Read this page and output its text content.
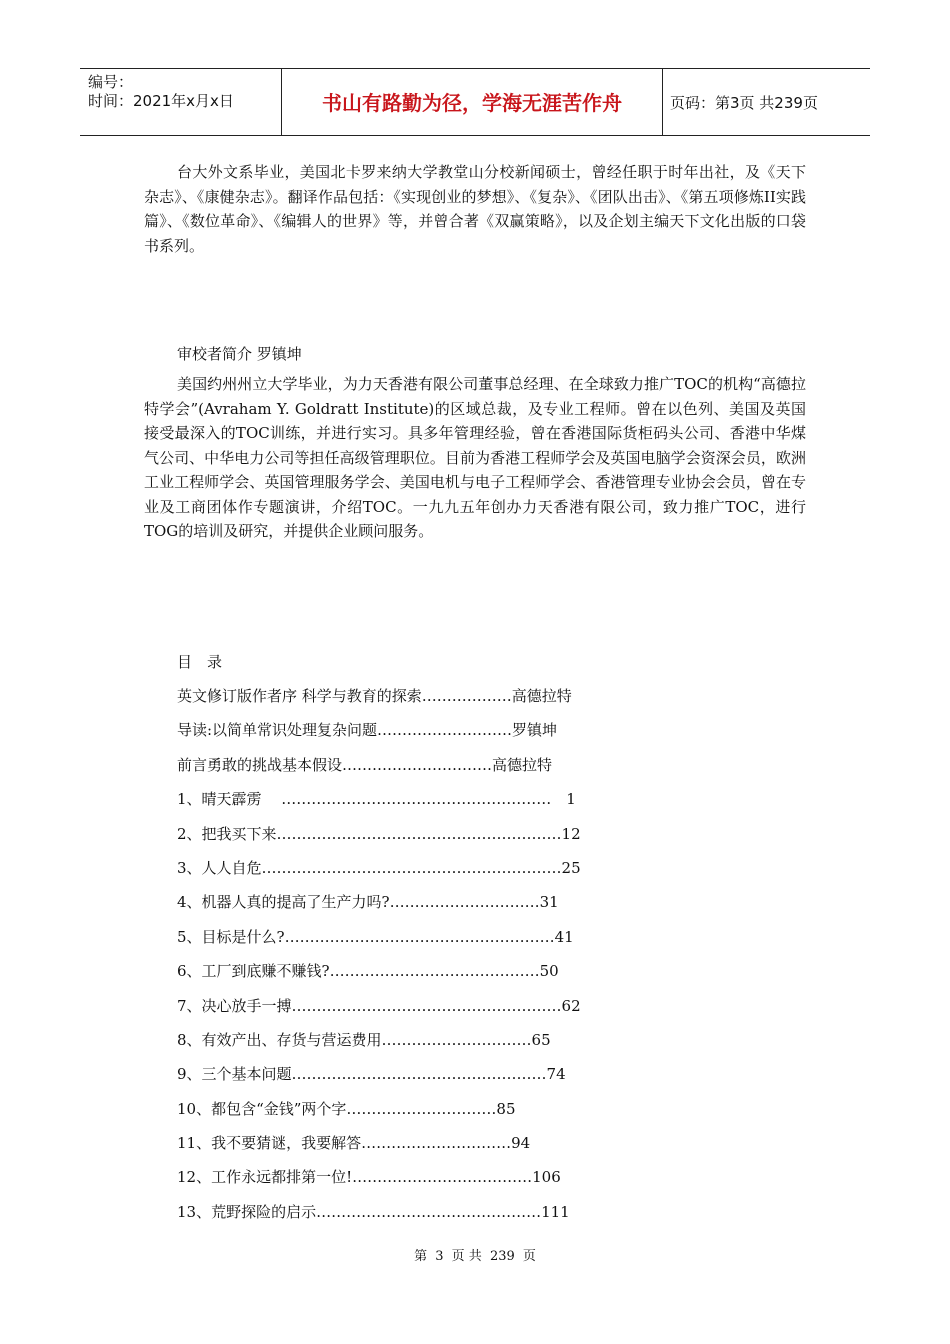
编号：
时间：2021年x月x日	书山有路勤为径，学海无涯苦作舟	页码：第3页 共239页

台大外文系毕业，美国北卡罗来纳大学教堂山分校新闻硕士，曾经任职于时年出社，及《天下杂志》、《康健杂志》。翻译作品包括：《实现创业的梦想》、《复杂》、《团队出击》、《第五项修炼II实践篇》、《数位革命》、《编辑人的世界》等，并曾合著《双赢策略》，以及企划主编天下文化出版的口袋书系列。

审校者简介 罗镇坤

美国约州州立大学毕业，为力天香港有限公司董事总经理、在全球致力推广TOC的机构“高德拉特学会”(Avraham Y. Goldratt Institute)的区域总裁，及专业工程师。曾在以色列、美国及英国接受最深入的TOC训练，并进行实习。具多年管理经验，曾在香港国际货柜码头公司、香港中华煤气公司、中华电力公司等担任高级管理职位。目前为香港工程师学会及英国电脑学会资深会员，欧洲工业工程师学会、英国管理服务学会、美国电机与电子工程师学会、香港管理专业协会会员，曾在专业及工商团体作专题演讲，介绍TOC。一九九五年创办力天香港有限公司，致力推广TOC，进行TOG的培训及研究，并提供企业顾问服务。

目　录

英文修订版作者序 科学与教育的探索………………高德拉特
导读:以简单常识处理复杂问题………………………罗镇坤
前言勇敢的挑战基本假设…………………………高德拉特
1、晴天霹雳　 ………………………………………………　1
2、把我买下来…………………………………………………12
3、人人自危……………………………………………………25
4、机器人真的提高了生产力吗?…………………………31
5、目标是什么?………………………………………………41
6、工厂到底赚不赚钱?……………………………………50
7、决心放手一搏………………………………………………62
8、有效产出、存货与营运费用…………………………65
9、三个基本问题……………………………………………74
10、都包含“金钱”两个字…………………………85
11、我不要猜谜，我要解答…………………………94
12、工作永远都排第一位!………………………………106
13、荒野探险的启示………………………………………111
第 3 页 共 239 页
